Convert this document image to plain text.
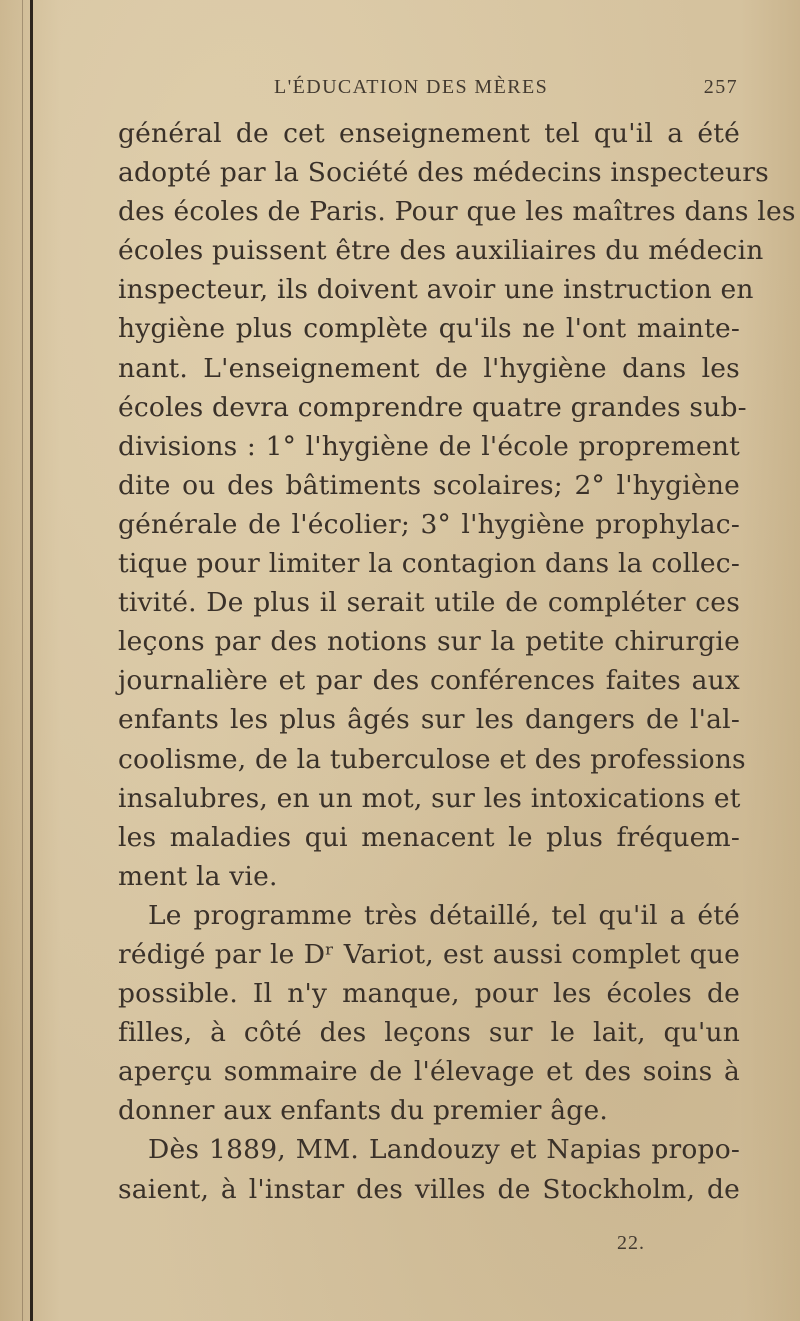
L'ÉDUCATION DES MÈRES	257
général de cet enseignement tel qu'il a été
adopté par la Société des médecins inspecteurs
des écoles de Paris. Pour que les maîtres dans les
écoles puissent être des auxiliaires du médecin
inspecteur, ils doivent avoir une instruction en
hygiène plus complète qu'ils ne l'ont mainte-
nant. L'enseignement de l'hygiène dans les
écoles devra comprendre quatre grandes sub-
divisions : 1° l'hygiène de l'école proprement
dite ou des bâtiments scolaires; 2° l'hygiène
générale de l'écolier; 3° l'hygiène prophylac-
tique pour limiter la contagion dans la collec-
tivité. De plus il serait utile de compléter ces
leçons par des notions sur la petite chirurgie
journalière et par des conférences faites aux
enfants les plus âgés sur les dangers de l'al-
coolisme, de la tuberculose et des professions
insalubres, en un mot, sur les intoxications et
les maladies qui menacent le plus fréquem-
ment la vie.
Le programme très détaillé, tel qu'il a été
rédigé par le Dʳ Variot, est aussi complet que
possible. Il n'y manque, pour les écoles de
filles, à côté des leçons sur le lait, qu'un
aperçu sommaire de l'élevage et des soins à
donner aux enfants du premier âge.
Dès 1889, MM. Landouzy et Napias propo-
saient, à l'instar des villes de Stockholm, de
22.
